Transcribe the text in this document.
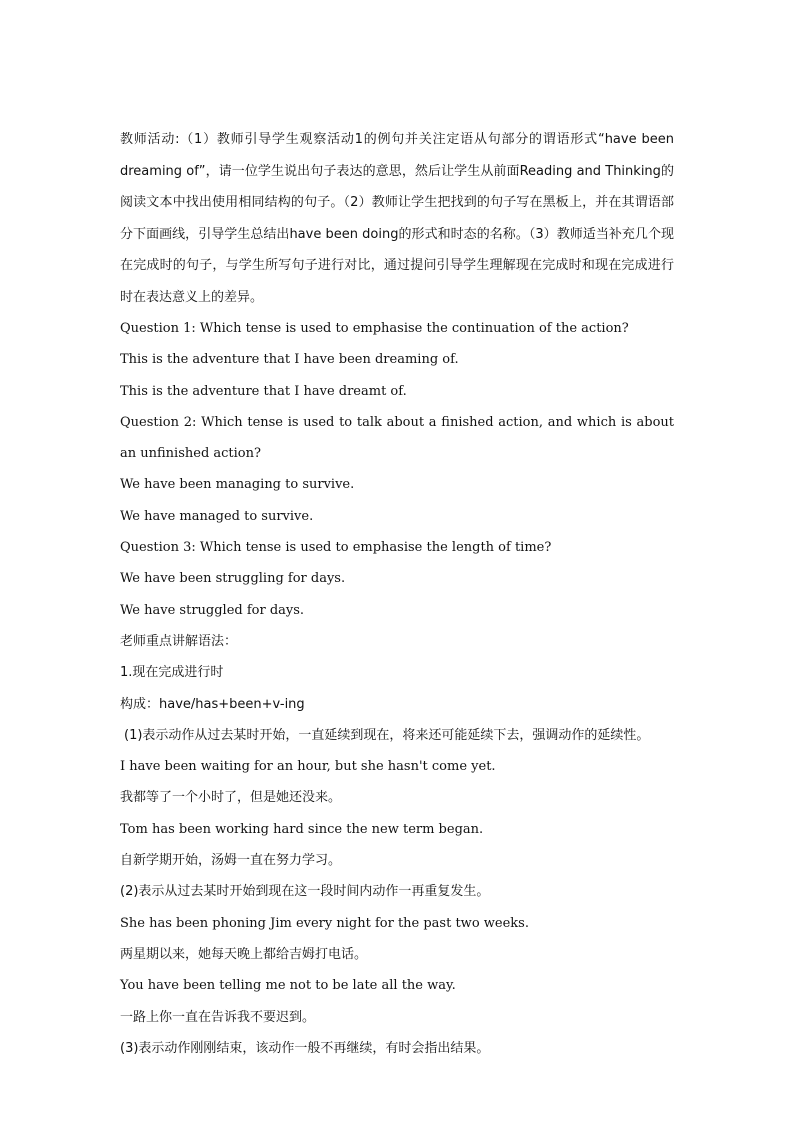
教师活动:（1）教师引导学生观察活动1的例句并关注定语从句部分的谓语形式“have been dreaming of”，请一位学生说出句子表达的意思，然后让学生从前面Reading and Thinking的阅读文本中找出使用相同结构的句子。（2）教师让学生把找到的句子写在黑板上，并在其谓语部分下面画线，引导学生总结出have been doing的形式和时态的名称。（3）教师适当补充几个现在完成时的句子，与学生所写句子进行对比，通过提问引导学生理解现在完成时和现在完成进行时在表达意义上的差异。

Question 1: Which tense is used to emphasise the continuation of the action?

This is the adventure that I have been dreaming of.

This is the adventure that I have dreamt of.

Question 2: Which tense is used to talk about a finished action, and which is about an unfinished action?

We have been managing to survive.

We have managed to survive.

Question 3: Which tense is used to emphasise the length of time?

We have been struggling for days.

We have struggled for days.

老师重点讲解语法：

1.现在完成进行时

构成：have/has+been+v-ing

(1)表示动作从过去某时开始，一直延续到现在，将来还可能延续下去，强调动作的延续性。

I have been waiting for an hour, but she hasn't come yet.

我都等了一个小时了，但是她还没来。

Tom has been working hard since the new term began.

自新学期开始，汤姆一直在努力学习。

(2)表示从过去某时开始到现在这一段时间内动作一再重复发生。

She has been phoning Jim every night for the past two weeks.

两星期以来，她每天晚上都给吉姆打电话。

You have been telling me not to be late all the way.

一路上你一直在告诉我不要迟到。

(3)表示动作刚刚结束，该动作一般不再继续，有时会指出结果。
